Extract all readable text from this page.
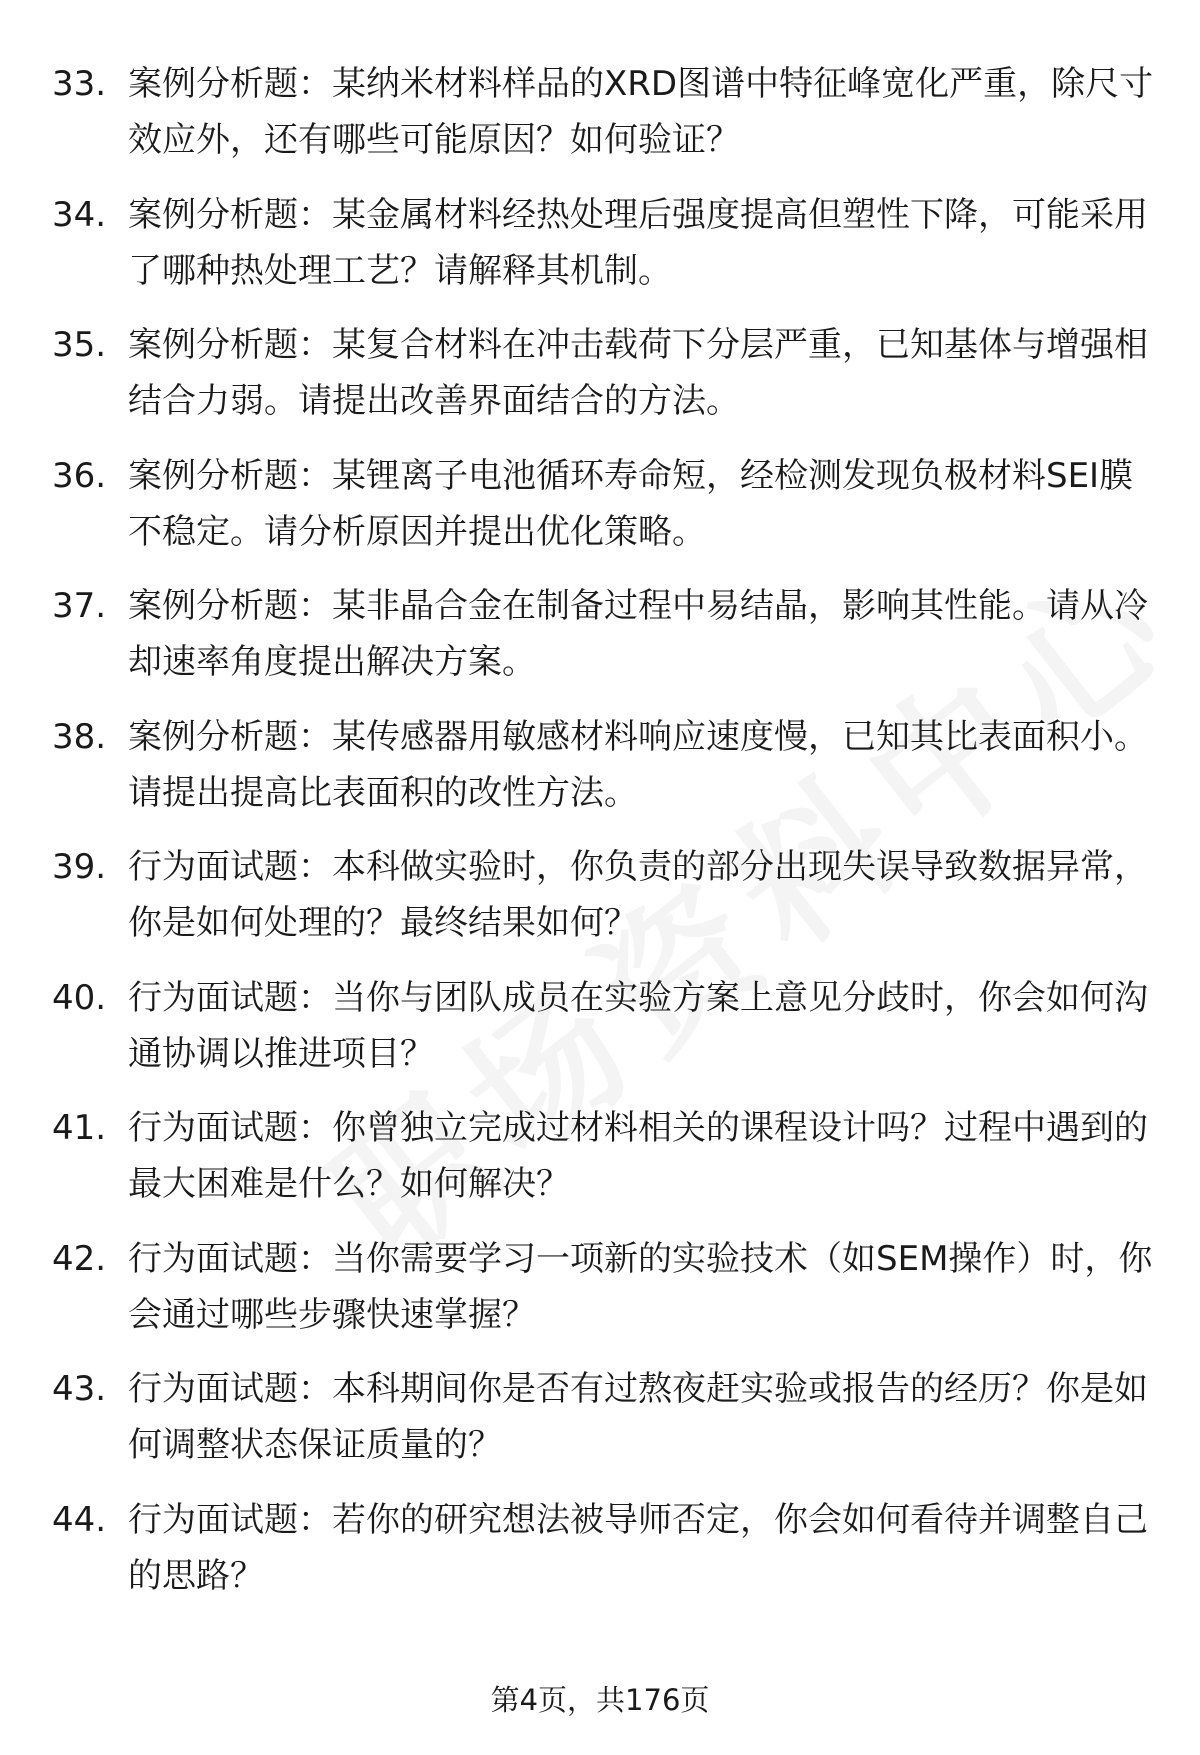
33. 案例分析题：某纳米材料样品的XRD图谱中特征峰宽化严重，除尺寸效应外，还有哪些可能原因？如何验证？
34. 案例分析题：某金属材料经热处理后强度提高但塑性下降，可能采用了哪种热处理工艺？请解释其机制。
35. 案例分析题：某复合材料在冲击载荷下分层严重，已知基体与增强相结合力弱。请提出改善界面结合的方法。
36. 案例分析题：某锂离子电池循环寿命短，经检测发现负极材料SEI膜不稳定。请分析原因并提出优化策略。
37. 案例分析题：某非晶合金在制备过程中易结晶，影响其性能。请从冷却速率角度提出解决方案。
38. 案例分析题：某传感器用敏感材料响应速度慢，已知其比表面积小。请提出提高比表面积的改性方法。
39. 行为面试题：本科做实验时，你负责的部分出现失误导致数据异常，你是如何处理的？最终结果如何？
40. 行为面试题：当你与团队成员在实验方案上意见分歧时，你会如何沟通协调以推进项目？
41. 行为面试题：你曾独立完成过材料相关的课程设计吗？过程中遇到的最大困难是什么？如何解决？
42. 行为面试题：当你需要学习一项新的实验技术（如SEM操作）时，你会通过哪些步骤快速掌握？
43. 行为面试题：本科期间你是否有过熬夜赶实验或报告的经历？你是如何调整状态保证质量的？
44. 行为面试题：若你的研究想法被导师否定，你会如何看待并调整自己的思路？
第4页，共176页
